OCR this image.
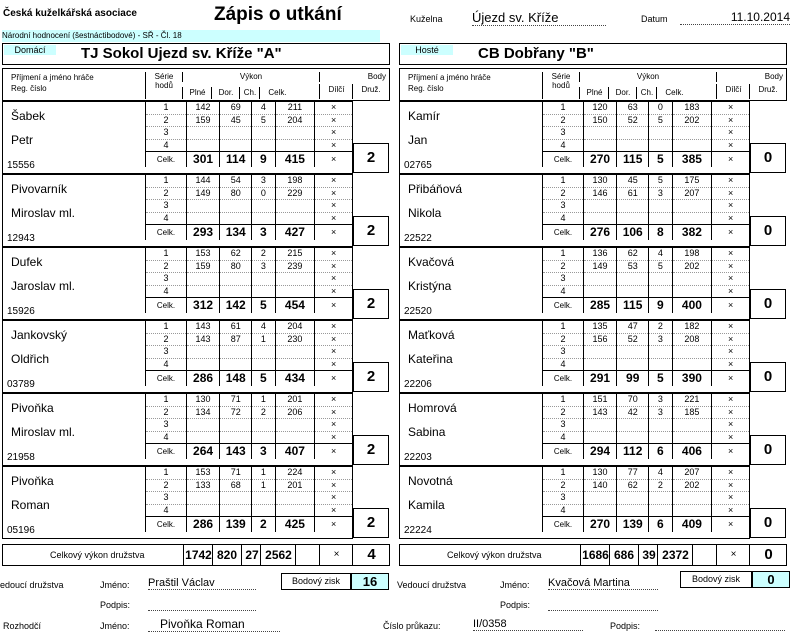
Česká kuželkářská asociace	Zápis o utkání	Kuželna Újezd sv. Kříže	Datum	11.10.2014
Národní hodnocení (šestnáctibodové) - SŘ - Čl. 18
Domácí	TJ Sokol Ujezd sv. Kříže "A"
Příjmení a jméno hráče
Reg. číslo
Série
hodů
Výkon
Plné	Dor.	Ch.	Celk.
Body
Dílčí	Druž.
Šabek
Petr
15556
1	142	69	4	211	×
2	159	45	5	204	×
3					×
4					×
Celk.	301	114	9	415	×	2
Pivovarník
Miroslav ml.
12943
1	144	54	3	198	×
2	149	80	0	229	×
3					×
4					×
Celk.	293	134	3	427	×	2
Dufek
Jaroslav ml.
15926
1	153	62	2	215	×
2	159	80	3	239	×
3					×
4					×
Celk.	312	142	5	454	×	2
Jankovský
Oldřich
03789
1	143	61	4	204	×
2	143	87	1	230	×
3					×
4					×
Celk.	286	148	5	434	×	2
Pivoňka
Miroslav ml.
21958
1	130	71	1	201	×
2	134	72	2	206	×
3					×
4					×
Celk.	264	143	3	407	×	2
Pivoňka
Roman
05196
1	153	71	1	224	×
2	133	68	1	201	×
3					×
4					×
Celk.	286	139	2	425	×	2
Celkový výkon družstva	1742 820 27 2562	×	4
Hosté	CB Dobřany "B"
Příjmení a jméno hráče
Reg. číslo
Série
hodů
Výkon
Plné	Dor.	Ch.	Celk.
Body
Dílčí	Druž.
Kamír
Jan
02765
1	120	63	0	183	×
2	150	52	5	202	×
3					×
4					×
Celk.	270	115	5	385	×	0
Přibáňová
Nikola
22522
1	130	45	5	175	×
2	146	61	3	207	×
3					×
4					×
Celk.	276	106	8	382	×	0
Kvačová
Kristýna
22520
1	136	62	4	198	×
2	149	53	5	202	×
3					×
4					×
Celk.	285	115	9	400	×	0
Maťková
Kateřina
22206
1	135	47	2	182	×
2	156	52	3	208	×
3					×
4					×
Celk.	291	99	5	390	×	0
Homrová
Sabina
22203
1	151	70	3	221	×
2	143	42	3	185	×
3					×
4					×
Celk.	294	112	6	406	×	0
Novotná
Kamila
22224
1	130	77	4	207	×
2	140	62	2	202	×
3					×
4					×
Celk.	270	139	6	409	×	0
Celkový výkon družstva	1686 686 39 2372	×	0
edoucí družstva	Jméno: Praštil Václav
Podpis:
Bodový zisk	16	Vedoucí družstva	Jméno: Kvačová Martina
Podpis:
Bodový zisk	0
Rozhodčí	Jméno:	Pivoňka Roman	Číslo průkazu:	II/0358	Podpis:
